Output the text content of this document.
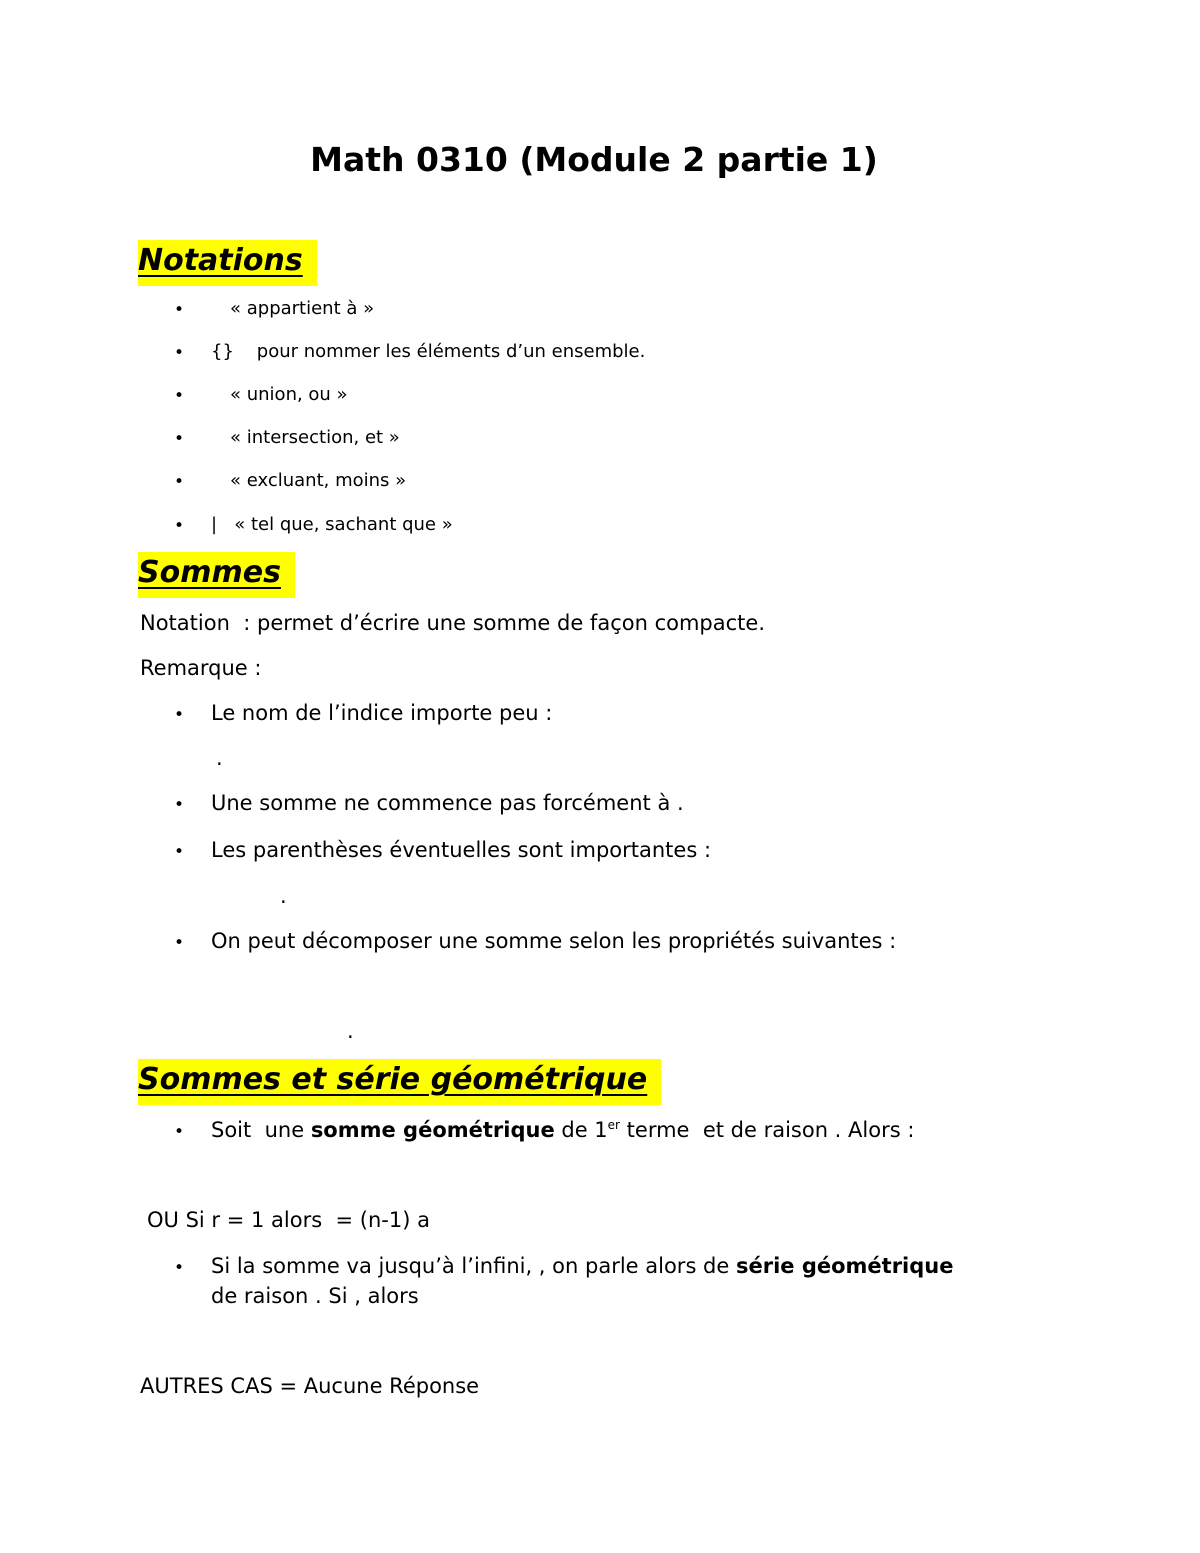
Math 0310 (Module 2 partie 1)
Notations
•	« appartient à »
• {}    pour nommer les éléments d’un ensemble.
•	« union, ou »
•	« intersection, et »
•	« excluant, moins »
• |   « tel que, sachant que »
Sommes
Notation  : permet d’écrire une somme de façon compacte.
Remarque :
• Le nom de l’indice importe peu :
.
• Une somme ne commence pas forcément à .
• Les parenthèses éventuelles sont importantes :
.
• On peut décomposer une somme selon les propriétés suivantes :
.
Sommes et série géométrique
• Soit  une somme géométrique de 1er terme  et de raison . Alors :
OU Si r = 1 alors  = (n-1) a
• Si la somme va jusqu’à l’infini, , on parle alors de série géométrique
de raison . Si , alors
AUTRES CAS = Aucune Réponse
